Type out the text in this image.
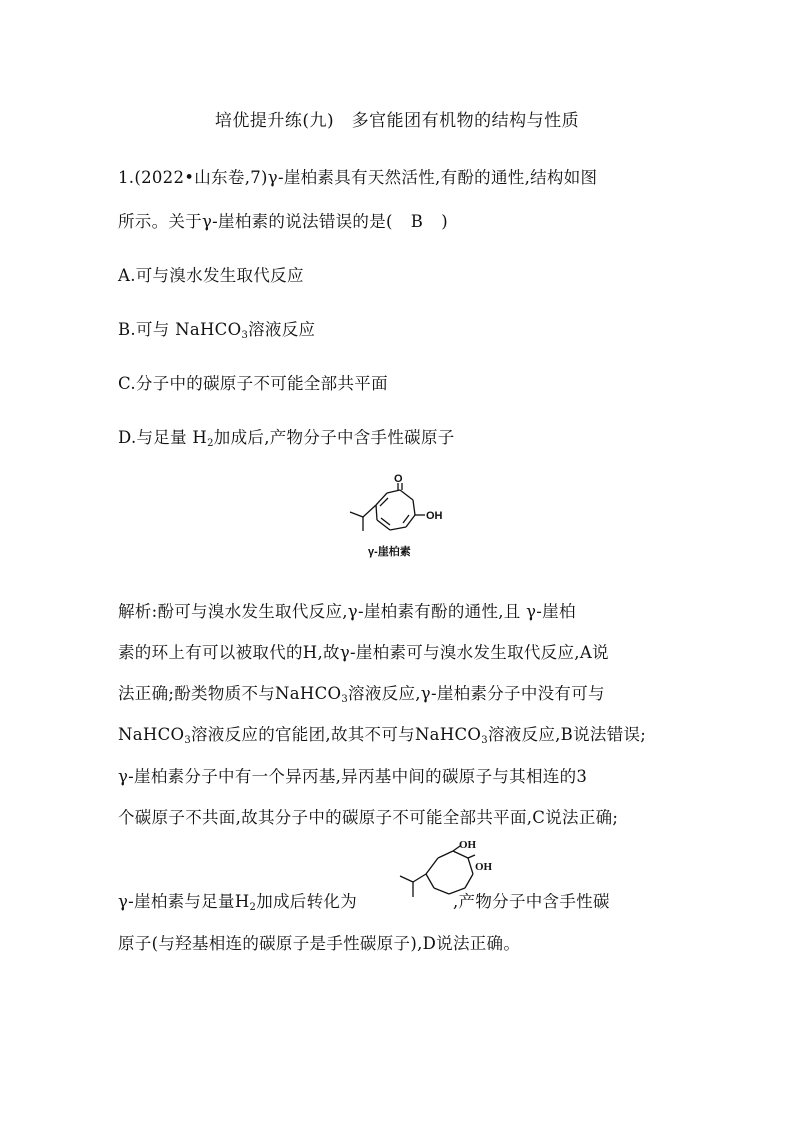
培优提升练(九)　多官能团有机物的结构与性质
1.(2022•山东卷,7)γ-崖柏素具有天然活性,有酚的通性,结构如图
所示。关于γ-崖柏素的说法错误的是( B )
A.可与溴水发生取代反应
B.可与 NaHCO$_3$溶液反应
C.分子中的碳原子不可能全部共平面
D.与足量 $H_2$加成后,产物分子中含手性碳原子
O
OH
γ-崖柏素
解析:酚可与溴水发生取代反应,γ-崖柏素有酚的通性,且 γ-崖柏
素的环上有可以被取代的H,故γ-崖柏素可与溴水发生取代反应,A说
法正确;酚类物质不与NaHCO$_3$溶液反应,γ-崖柏素分子中没有可与
NaHCO$_3$溶液反应的官能团,故其不可与NaHCO$_3$溶液反应,B说法错误;
γ-崖柏素分子中有一个异丙基,异丙基中间的碳原子与其相连的3
个碳原子不共面,故其分子中的碳原子不可能全部共平面,C说法正确;
γ-崖柏素与足量$H_2$加成后转化为	,产物分子中含手性碳
原子(与羟基相连的碳原子是手性碳原子),D说法正确。
OH
OH
